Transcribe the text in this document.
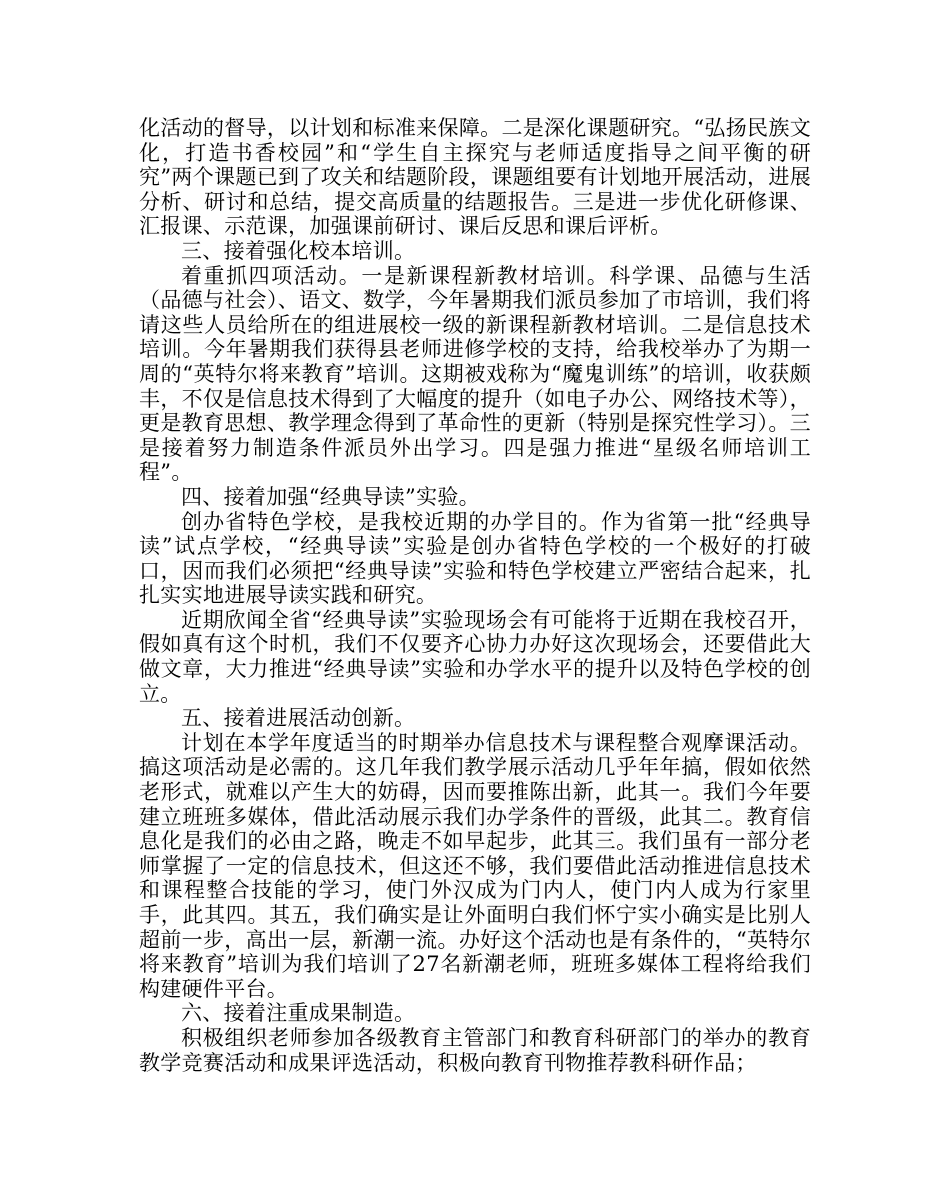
化活动的督导，以计划和标准来保障。二是深化课题研究。“弘扬民族文化，打造书香校园”和“学生自主探究与老师适度指导之间平衡的研究”两个课题已到了攻关和结题阶段，课题组要有计划地开展活动，进展分析、研讨和总结，提交高质量的结题报告。三是进一步优化研修课、汇报课、示范课，加强课前研讨、课后反思和课后评析。

三、接着强化校本培训。

着重抓四项活动。一是新课程新教材培训。科学课、品德与生活（品德与社会）、语文、数学，今年暑期我们派员参加了市培训，我们将请这些人员给所在的组进展校一级的新课程新教材培训。二是信息技术培训。今年暑期我们获得县老师进修学校的支持，给我校举办了为期一周的“英特尔将来教育”培训。这期被戏称为“魔鬼训练”的培训，收获颇丰，不仅是信息技术得到了大幅度的提升（如电子办公、网络技术等），更是教育思想、教学理念得到了革命性的更新（特别是探究性学习）。三是接着努力制造条件派员外出学习。四是强力推进“星级名师培训工程”。

四、接着加强“经典导读”实验。

创办省特色学校，是我校近期的办学目的。作为省第一批“经典导读”试点学校，“经典导读”实验是创办省特色学校的一个极好的打破口，因而我们必须把“经典导读”实验和特色学校建立严密结合起来，扎扎实实地进展导读实践和研究。

近期欣闻全省“经典导读”实验现场会有可能将于近期在我校召开，假如真有这个时机，我们不仅要齐心协力办好这次现场会，还要借此大做文章，大力推进“经典导读”实验和办学水平的提升以及特色学校的创立。

五、接着进展活动创新。

计划在本学年度适当的时期举办信息技术与课程整合观摩课活动。搞这项活动是必需的。这几年我们教学展示活动几乎年年搞，假如依然老形式，就难以产生大的妨碍，因而要推陈出新，此其一。我们今年要建立班班多媒体，借此活动展示我们办学条件的晋级，此其二。教育信息化是我们的必由之路，晚走不如早起步，此其三。我们虽有一部分老师掌握了一定的信息技术，但这还不够，我们要借此活动推进信息技术和课程整合技能的学习，使门外汉成为门内人，使门内人成为行家里手，此其四。其五，我们确实是让外面明白我们怀宁实小确实是比别人超前一步，高出一层，新潮一流。办好这个活动也是有条件的，“英特尔将来教育”培训为我们培训了27名新潮老师，班班多媒体工程将给我们构建硬件平台。

六、接着注重成果制造。

积极组织老师参加各级教育主管部门和教育科研部门的举办的教育教学竞赛活动和成果评选活动，积极向教育刊物推荐教科研作品；
